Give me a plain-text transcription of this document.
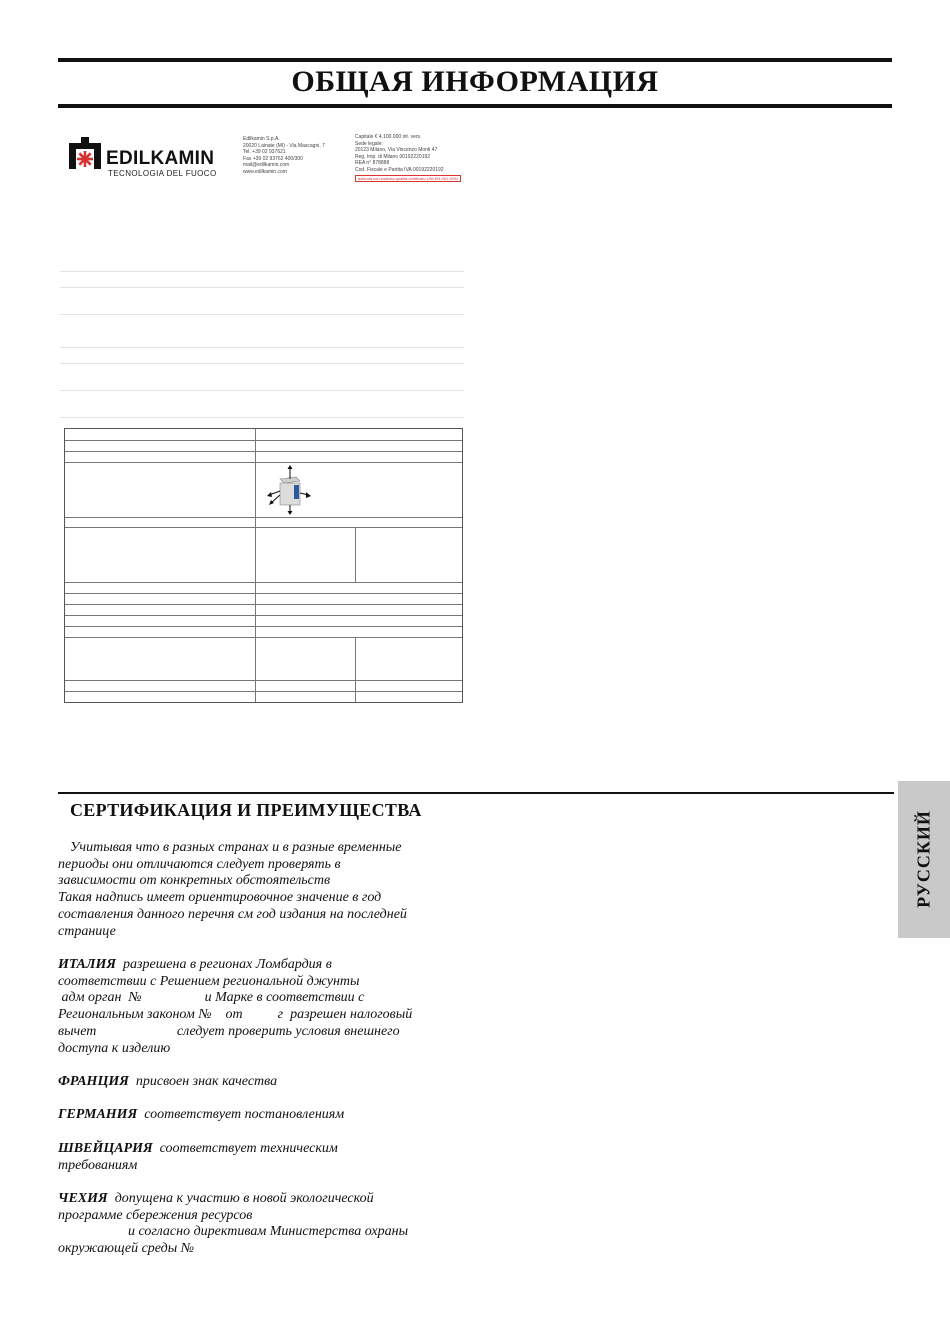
ОБЩАЯ ИНФОРМАЦИЯ
EDILKAMIN
TECNOLOGIA DEL FUOCO
Edilkamin S.p.A.
20020 Lainate (MI) - Via Mascagni, 7
Tel. +39 02 937621
Fax +39 02 93762 400/300
mail@edilkamin.com
www.edilkamin.com
Capitale € 4.100.000 int. vers.
Sede legale:
20123 Milano, Via Vincenzo Monti 47
Reg. Imp. di Milano 00192220192
REA n° 878888
Cod. Fiscale e Partita IVA 00192220192
azienda con sistema qualità certificato UNI EN ISO 9001
РУССКИЙ
СЕРТИФИКАЦИЯ И ПРЕИМУЩЕСТВА

Учитывая что в разных странах и в разные временные

периоды они отличаются следует проверять в

зависимости от конкретных обстоятельств

Такая надпись имеет ориентировочное значение в год

составления данного перечня см год издания на последней

странице

ИТАЛИЯ разрешена в регионах Ломбардия в

соответствии с Решением региональной джунты

адм орган  №                  и Марке в соответствии с

Региональным законом №    от          г  разрешен налоговый

вычет                       следует проверить условия внешнего

доступа к изделию

ФРАНЦИЯ присвоен знак качества

ГЕРМАНИЯ соответствует постановлениям

ШВЕЙЦАРИЯ соответствует техническим

требованиям

ЧЕХИЯ допущена к участию в новой экологической

программе сбережения ресурсов

и согласно директивам Министерства охраны

окружающей среды №
